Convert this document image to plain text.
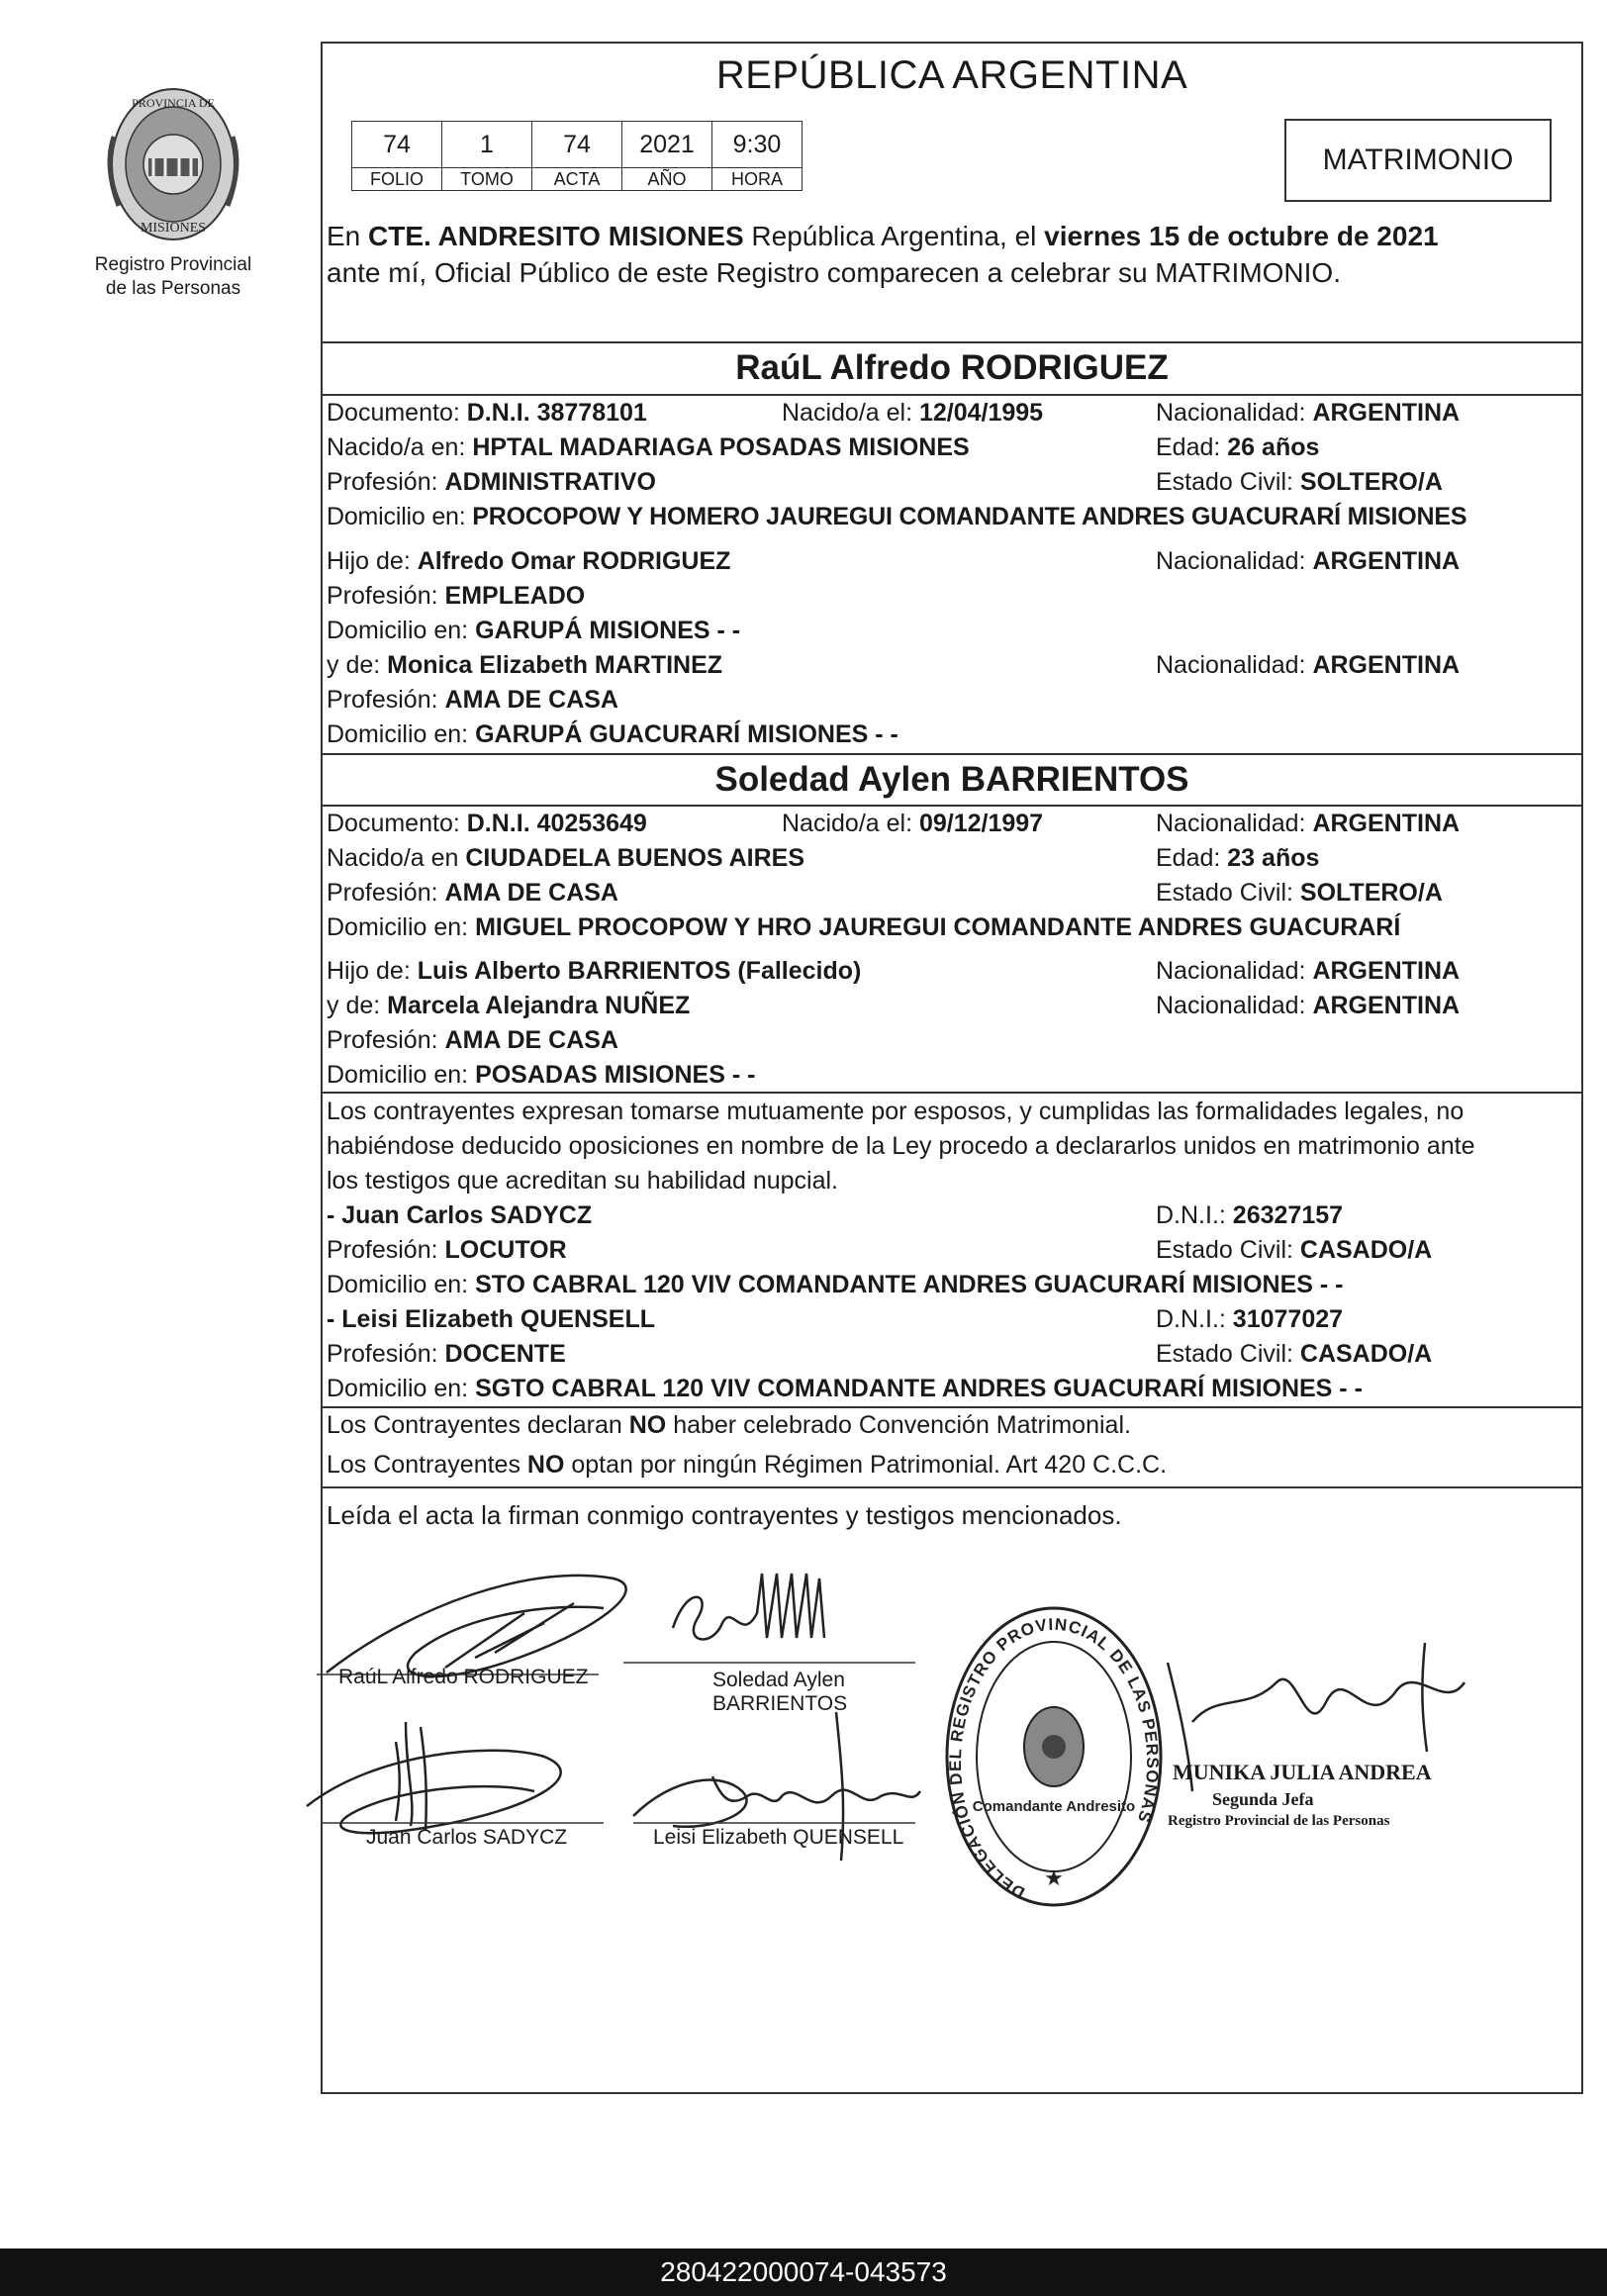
PROVINCIA DE
MISIONES
Registro Provincial
de las Personas
REPÚBLICA ARGENTINA
74	1	74	2021	9:30
FOLIO	TOMO	ACTA	AÑO	HORA
MATRIMONIO
En CTE. ANDRESITO MISIONES República Argentina, el viernes 15 de octubre de 2021
ante mí, Oficial Público de este Registro comparecen a celebrar su MATRIMONIO.
RaúL Alfredo RODRIGUEZ
Documento: D.N.I. 38778101	Nacido/a el: 12/04/1995	Nacionalidad: ARGENTINA
Nacido/a en: HPTAL MADARIAGA POSADAS MISIONES	Edad: 26 años
Profesión: ADMINISTRATIVO	Estado Civil: SOLTERO/A
Domicilio en: PROCOPOW Y HOMERO JAUREGUI COMANDANTE ANDRES GUACURARÍ MISIONES
Hijo de: Alfredo Omar RODRIGUEZ	Nacionalidad: ARGENTINA
Profesión: EMPLEADO
Domicilio en: GARUPÁ MISIONES - -
y de: Monica Elizabeth MARTINEZ	Nacionalidad: ARGENTINA
Profesión: AMA DE CASA
Domicilio en: GARUPÁ GUACURARÍ MISIONES - -
Soledad Aylen BARRIENTOS
Documento: D.N.I. 40253649	Nacido/a el: 09/12/1997	Nacionalidad: ARGENTINA
Nacido/a en CIUDADELA BUENOS AIRES	Edad: 23 años
Profesión: AMA DE CASA	Estado Civil: SOLTERO/A
Domicilio en: MIGUEL PROCOPOW Y HRO JAUREGUI COMANDANTE ANDRES GUACURARÍ
Hijo de: Luis Alberto BARRIENTOS (Fallecido)	Nacionalidad: ARGENTINA
y de: Marcela Alejandra NUÑEZ	Nacionalidad: ARGENTINA
Profesión: AMA DE CASA
Domicilio en: POSADAS MISIONES - -
Los contrayentes expresan tomarse mutuamente por esposos, y cumplidas las formalidades legales, no
habiéndose deducido oposiciones en nombre de la Ley procedo a declararlos unidos en matrimonio ante
los testigos que acreditan su habilidad nupcial.
- Juan Carlos SADYCZ	D.N.I.: 26327157
Profesión: LOCUTOR	Estado Civil: CASADO/A
Domicilio en: STO CABRAL 120 VIV COMANDANTE ANDRES GUACURARÍ MISIONES - -
- Leisi Elizabeth QUENSELL	D.N.I.: 31077027
Profesión: DOCENTE	Estado Civil: CASADO/A
Domicilio en: SGTO CABRAL 120 VIV COMANDANTE ANDRES GUACURARÍ MISIONES - -
Los Contrayentes declaran NO haber celebrado Convención Matrimonial.
Los Contrayentes NO optan por ningún Régimen Patrimonial. Art 420 C.C.C.
Leída el acta la firman conmigo contrayentes y testigos mencionados.
RaúL Alfredo RODRIGUEZ	Soledad Aylen
BARRIENTOS
Juan Carlos SADYCZ	Leisi Elizabeth QUENSELL
DELEGACIÓN DEL REGISTRO PROVINCIAL DE LAS PERSONAS
Comandante Andresito
★
MUNIKA JULIA ANDREA
Segunda Jefa
Registro Provincial de las Personas
280422000074-043573
